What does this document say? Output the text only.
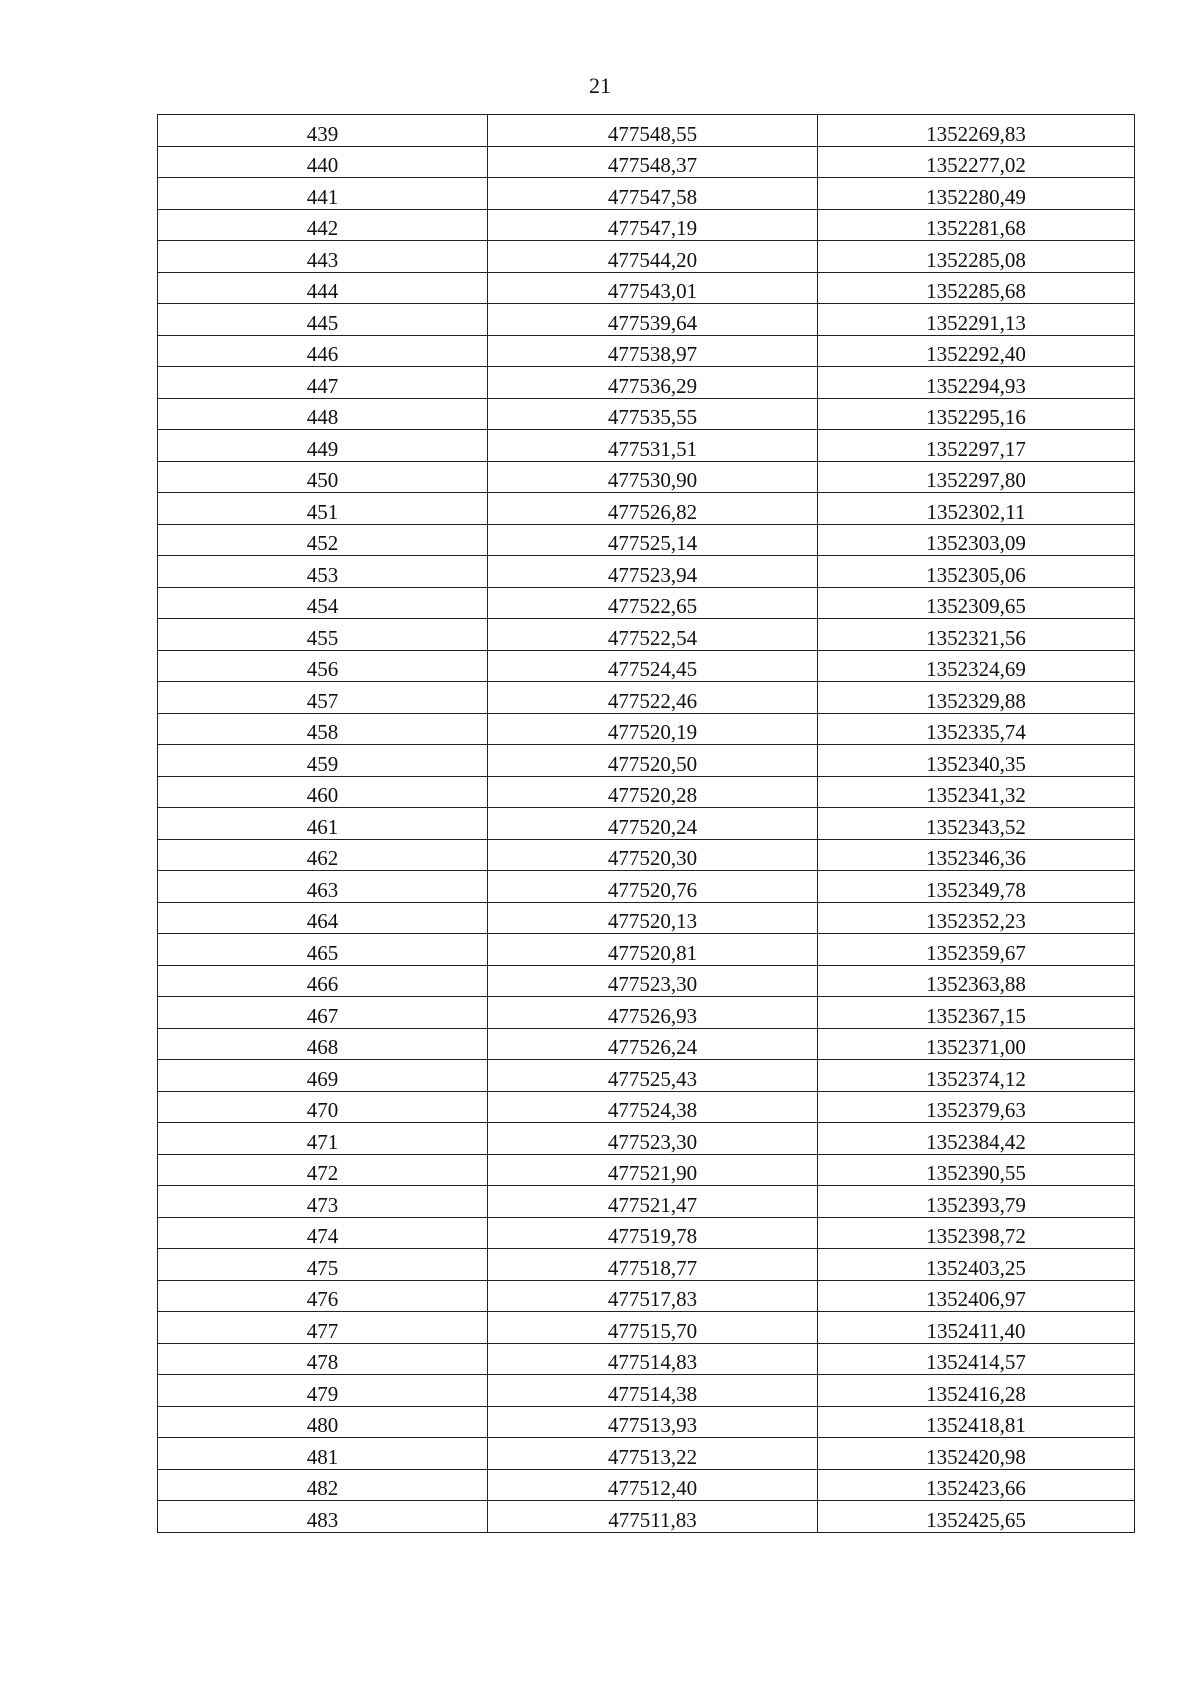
21
439	477548,55	1352269,83
440	477548,37	1352277,02
441	477547,58	1352280,49
442	477547,19	1352281,68
443	477544,20	1352285,08
444	477543,01	1352285,68
445	477539,64	1352291,13
446	477538,97	1352292,40
447	477536,29	1352294,93
448	477535,55	1352295,16
449	477531,51	1352297,17
450	477530,90	1352297,80
451	477526,82	1352302,11
452	477525,14	1352303,09
453	477523,94	1352305,06
454	477522,65	1352309,65
455	477522,54	1352321,56
456	477524,45	1352324,69
457	477522,46	1352329,88
458	477520,19	1352335,74
459	477520,50	1352340,35
460	477520,28	1352341,32
461	477520,24	1352343,52
462	477520,30	1352346,36
463	477520,76	1352349,78
464	477520,13	1352352,23
465	477520,81	1352359,67
466	477523,30	1352363,88
467	477526,93	1352367,15
468	477526,24	1352371,00
469	477525,43	1352374,12
470	477524,38	1352379,63
471	477523,30	1352384,42
472	477521,90	1352390,55
473	477521,47	1352393,79
474	477519,78	1352398,72
475	477518,77	1352403,25
476	477517,83	1352406,97
477	477515,70	1352411,40
478	477514,83	1352414,57
479	477514,38	1352416,28
480	477513,93	1352418,81
481	477513,22	1352420,98
482	477512,40	1352423,66
483	477511,83	1352425,65
